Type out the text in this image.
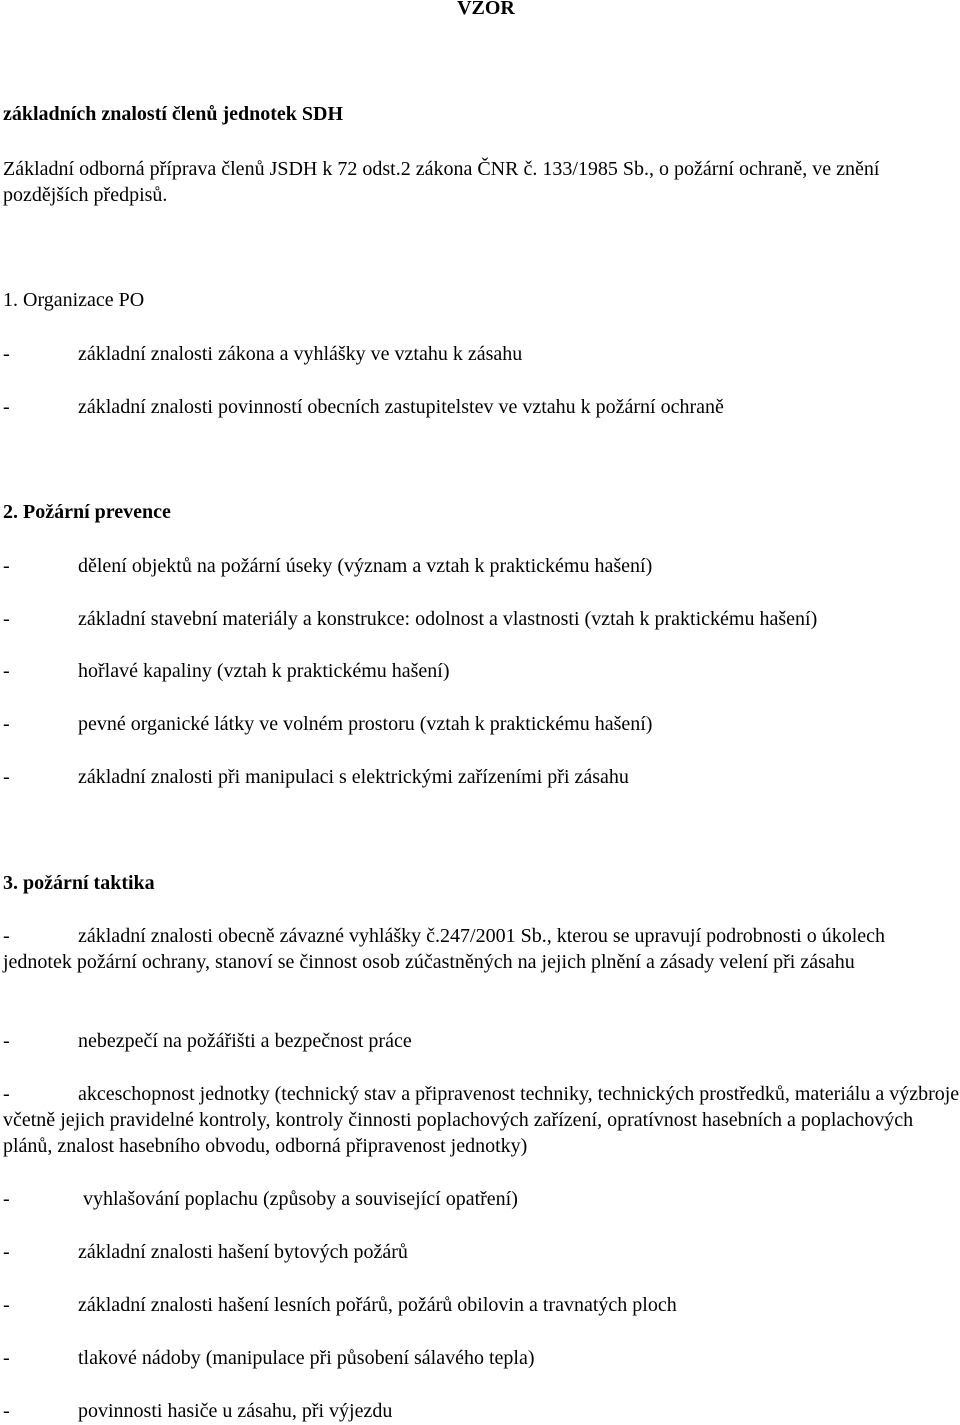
VZOR
základních znalostí členů jednotek SDH
Základní odborná příprava členů JSDH k 72 odst.2 zákona ČNR č. 133/1985 Sb., o požární ochraně, ve znění pozdějších předpisů.
1. Organizace PO
-	základní znalosti zákona a vyhlášky ve vztahu k zásahu
-	základní znalosti povinností obecních zastupitelstev ve vztahu k požární ochraně
2. Požární prevence
-	dělení objektů na požární úseky (význam a vztah k praktickému hašení)
-	základní stavební materiály a konstrukce: odolnost a vlastnosti (vztah k praktickému hašení)
-	hořlavé kapaliny (vztah k praktickému hašení)
-	pevné organické látky ve volném prostoru (vztah k praktickému hašení)
-	základní znalosti při manipulaci s elektrickými zařízeními při zásahu
3. požární taktika
-	základní znalosti obecně závazné vyhlášky č.247/2001 Sb., kterou se upravují podrobnosti o úkolech jednotek požární ochrany, stanoví se činnost osob zúčastněných na jejich plnění a zásady velení při zásahu
-	nebezpečí na požářišti a bezpečnost práce
-	akceschopnost jednotky (technický stav a připravenost techniky, technických prostředků, materiálu a výzbroje včetně jejich pravidelné kontroly, kontroly činnosti poplachových zařízení, opratívnost hasebních a poplachových plánů, znalost hasebního obvodu, odborná připravenost jednotky)
-	vyhlašování poplachu (způsoby a související opatření)
-	základní znalosti hašení bytových požárů
-	základní znalosti hašení lesních pořárů, požárů obilovin a travnatých ploch
-	tlakové nádoby (manipulace při působení sálavého tepla)
-	povinnosti hasiče u zásahu, při výjezdu
